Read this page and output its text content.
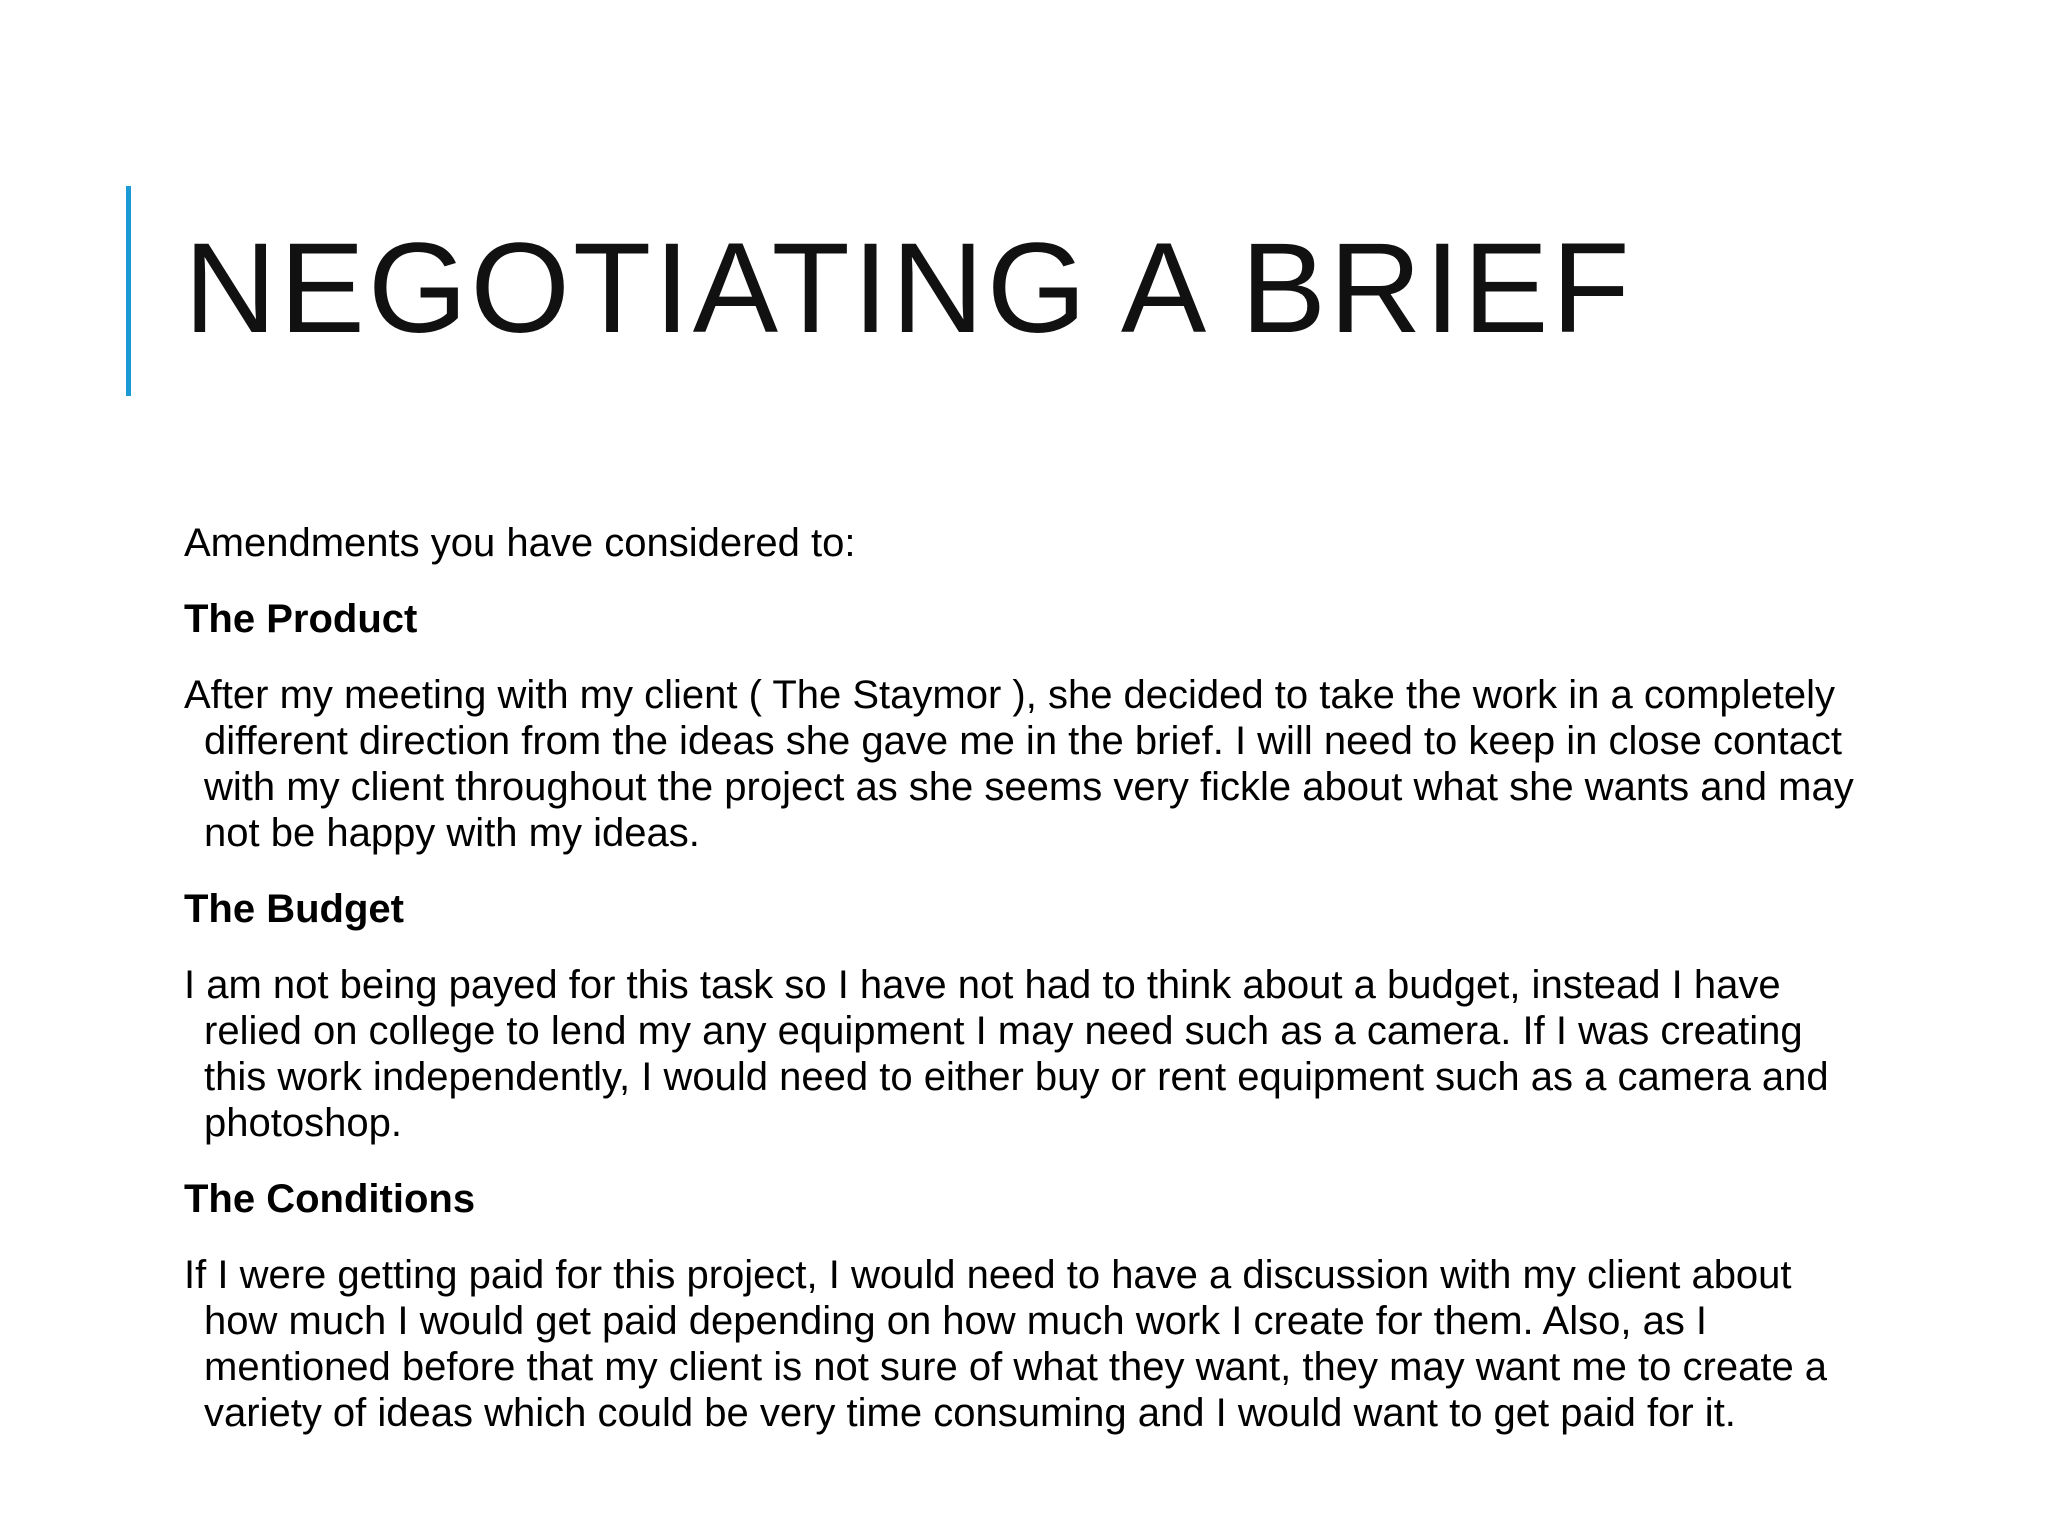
NEGOTIATING A BRIEF

Amendments you have considered to:

The Product

After my meeting with my client ( The Staymor ), she decided to take the work in a completely different direction from the ideas she gave me in the brief. I will need to keep in close contact with my client throughout the project as she seems very fickle about what she wants and may not be happy with my ideas.

The Budget

I am not being payed for this task so I have not had to think about a budget, instead I have relied on college to lend my any equipment I may need such as a camera. If I was creating this work independently, I would need to either buy or rent equipment such as a camera and photoshop.

The Conditions

If I were getting paid for this project, I would need to have a discussion with my client about how much I would get paid depending on how much work I create for them. Also, as I mentioned before that my client is not sure of what they want, they may want me to create a variety of ideas which could be very time consuming and I would want to get paid for it.
